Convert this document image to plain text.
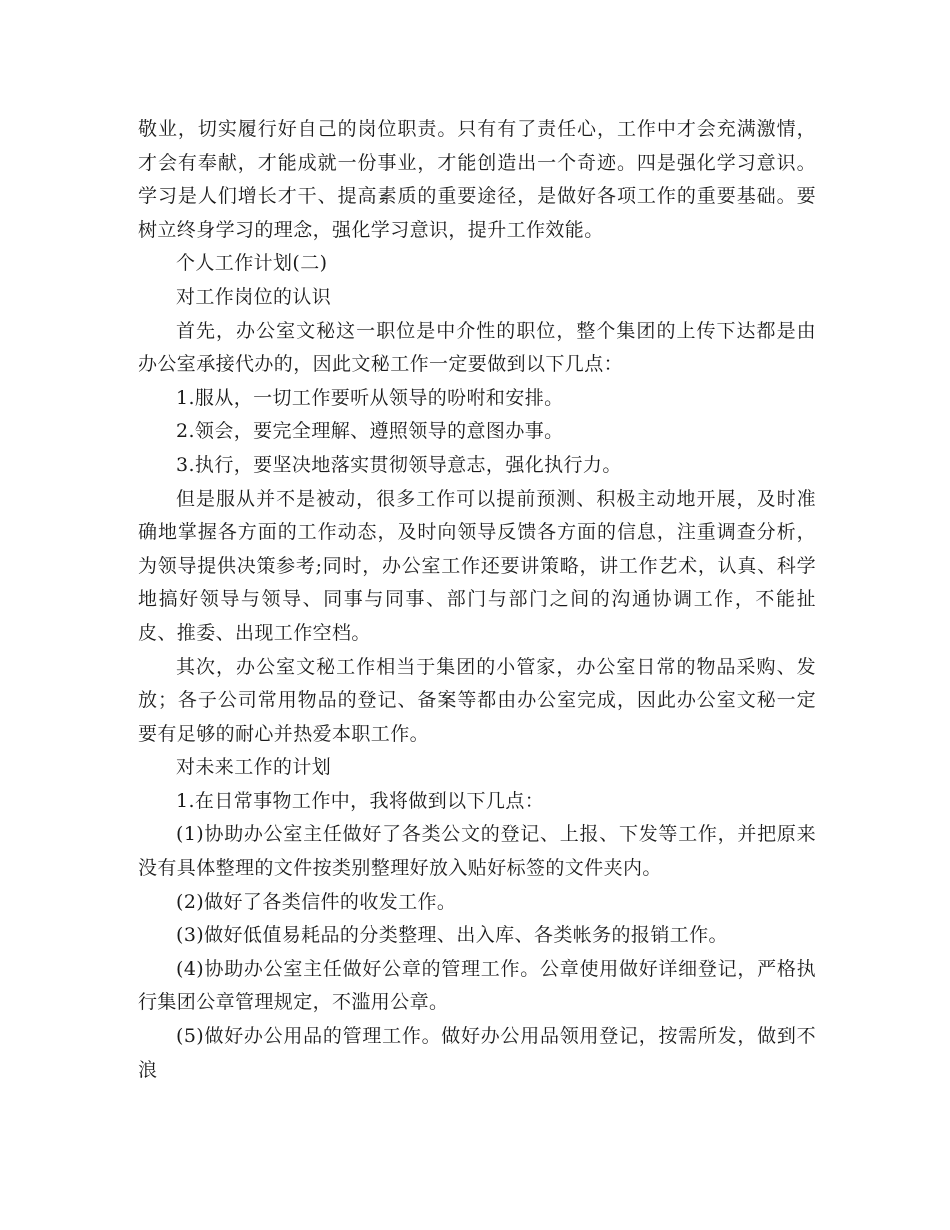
敬业，切实履行好自己的岗位职责。只有有了责任心，工作中才会充满激情，才会有奉献，才能成就一份事业，才能创造出一个奇迹。四是强化学习意识。学习是人们增长才干、提高素质的重要途径，是做好各项工作的重要基础。要树立终身学习的理念，强化学习意识，提升工作效能。

个人工作计划(二)

对工作岗位的认识

首先，办公室文秘这一职位是中介性的职位，整个集团的上传下达都是由办公室承接代办的，因此文秘工作一定要做到以下几点：

1.服从，一切工作要听从领导的吩咐和安排。

2.领会，要完全理解、遵照领导的意图办事。

3.执行，要坚决地落实贯彻领导意志，强化执行力。

但是服从并不是被动，很多工作可以提前预测、积极主动地开展，及时准确地掌握各方面的工作动态，及时向领导反馈各方面的信息，注重调查分析，为领导提供决策参考;同时，办公室工作还要讲策略，讲工作艺术，认真、科学地搞好领导与领导、同事与同事、部门与部门之间的沟通协调工作，不能扯皮、推委、出现工作空档。

其次，办公室文秘工作相当于集团的小管家，办公室日常的物品采购、发放；各子公司常用物品的登记、备案等都由办公室完成，因此办公室文秘一定要有足够的耐心并热爱本职工作。

对未来工作的计划

1.在日常事物工作中，我将做到以下几点：

(1)协助办公室主任做好了各类公文的登记、上报、下发等工作，并把原来没有具体整理的文件按类别整理好放入贴好标签的文件夹内。

(2)做好了各类信件的收发工作。

(3)做好低值易耗品的分类整理、出入库、各类帐务的报销工作。

(4)协助办公室主任做好公章的管理工作。公章使用做好详细登记，严格执行集团公章管理规定，不滥用公章。

(5)做好办公用品的管理工作。做好办公用品领用登记，按需所发，做到不浪
